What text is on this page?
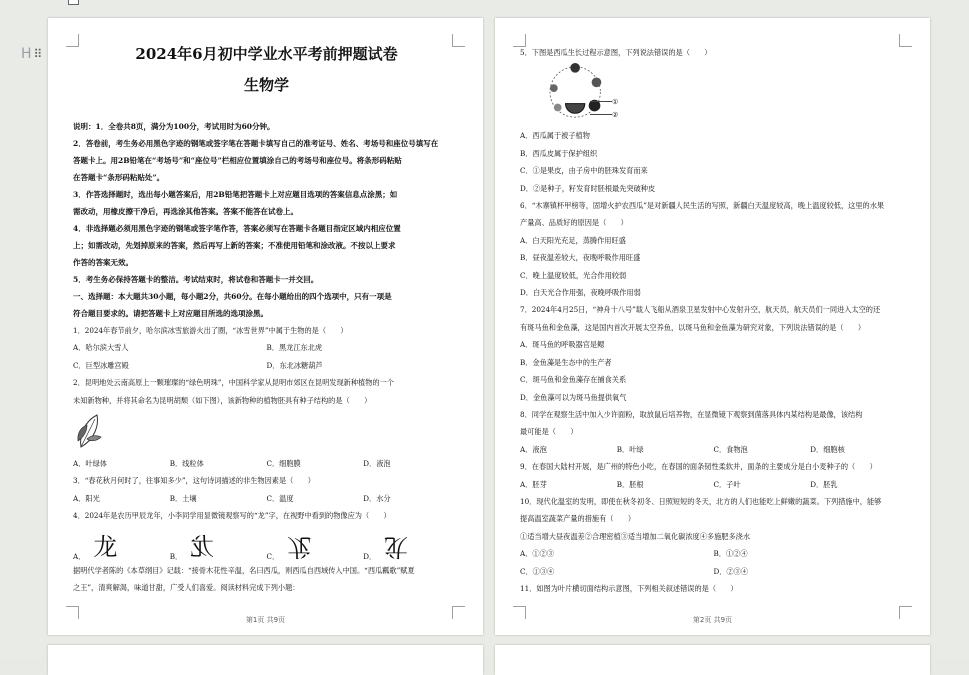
H ⠿	2024年6月初中学业水平考前押题试卷
生物学
说明：1．全卷共8页，满分为100分，考试用时为60分钟。
2．答卷前，考生务必用黑色字迹的钢笔或签字笔在答题卡填写自己的准考证号、姓名、考场号和座位号填写在
答题卡上。用2B铅笔在“考场号”和“座位号”栏相应位置填涂自己的考场号和座位号。将条形码粘贴
在答题卡“条形码粘贴处”。
3．作答选择题时，选出每小题答案后，用2B铅笔把答题卡上对应题目选项的答案信息点涂黑；如
需改动，用橡皮擦干净后，再选涂其他答案。答案不能答在试卷上。
4．非选择题必须用黑色字迹的钢笔或签字笔作答，答案必须写在答题卡各题目指定区域内相应位置
上；如需改动，先划掉原来的答案，然后再写上新的答案；不准使用铅笔和涂改液。不按以上要求
作答的答案无效。
5．考生务必保持答题卡的整洁。考试结束时，将试卷和答题卡一并交回。
一、选择题：本大题共30小题，每小题2分，共60分。在每小题给出的四个选项中，只有一项是
符合题目要求的。请把答题卡上对应题目所选的选项涂黑。
1．2024年春节前夕，哈尔滨冰雪旅游火出了圈，“冰雪世界”中属于生物的是（　　）
A．哈尔滨大雪人	B．黑龙江东北虎
C．巨型冰雕宫殿	D．东北冰糖葫芦
2．昆明地处云南高原上一颗璀璨的“绿色明珠”，中国科学家从昆明市郊区在昆明发现新种植物的一个
未知新物种，并将其命名为昆明胡颓（如下图），该新物种的植物胚具有种子结构的是（　　）
A．叶绿体	B．线粒体	C．细胞膜	D．液泡
3．“春花秋月何时了，往事知多少”，这句诗词描述的非生物因素是（　　）
A．阳光	B．土壤	C．温度	D．水分
4．2024年是农历甲辰龙年，小李同学用显微镜观察写的“龙”字，在视野中看到的物像应为（　　）
A． 龙	B． 龙	C． 龙	D． 龙
据明代学者陈的《本草纲目》记载：“接骨木花性辛温，名曰西瓜，则西瓜自西域传入中国。“西瓜瓤歌”赋夏
之王”，清爽解渴，味道甘甜，广受人们喜爱。阅读材料完成下列小题：
第1页 共9页
5．下图是西瓜生长过程示意图，下列说法错误的是（　　）
①
②
A．西瓜属于被子植物
B．西瓜皮属于保护组织
C．①是果皮，由子房中的胚珠发育而来
D．②是种子，籽发育时胚根最先突破种皮
6．“木寨镇杯甲榜等，固增火护农西瓜”是对新疆人民生活的写照，新疆白天温度较高，晚上温度较低，这里的水果
产量高、品质好的原因是（　　）
A．白天阳光充足，蒸腾作用旺盛
B．昼夜温差较大，夜晚呼吸作用旺盛
C．晚上温度较低，光合作用较弱
D．白天光合作用强，夜晚呼吸作用弱
7．2024年4月25日，“神舟十八号”载人飞船从酒泉卫星发射中心发射升空，航天员，航天员们一同进入太空的还
有斑马鱼和金鱼藻，这是国内首次开展太空养鱼，以斑马鱼和金鱼藻为研究对象，下列说法错误的是（　　）
A．斑马鱼的呼吸器官是鳃
B．金鱼藻是生态中的生产者
C．斑马鱼和金鱼藻存在捕食关系
D．金鱼藻可以为斑马鱼提供氧气
8．同学在观察生活中加入少许面粉，取放鼠后培养物，在显微镜下观察到菌落具体内某结构是最像，该结构
最可能是（　　）
A．液泡	B．叶绿	C．食物泡	D．细胞核
9．在春国大陆村开展，是广州的特色小吃，在春国的面条韧性柔软并，面条的主要成分是白小麦种子的（　　）
A．胚芽	B．胚根	C．子叶	D．胚乳
10．现代化温室的发明，即使在秋冬初冬、日照短短的冬天，北方的人们也能吃上鲜嫩的蔬菜。下列措施中，能够
提高温室蔬菜产量的措施有（　　）
①适当增大昼夜温差②合理密植③适当增加二氧化碳浓度④多施肥多浇水
A．①②③	B．①②④
C．①③④	D．②③④
11．如图为叶片横切面结构示意图，下列相关叙述错误的是（　　）
第2页 共9页
